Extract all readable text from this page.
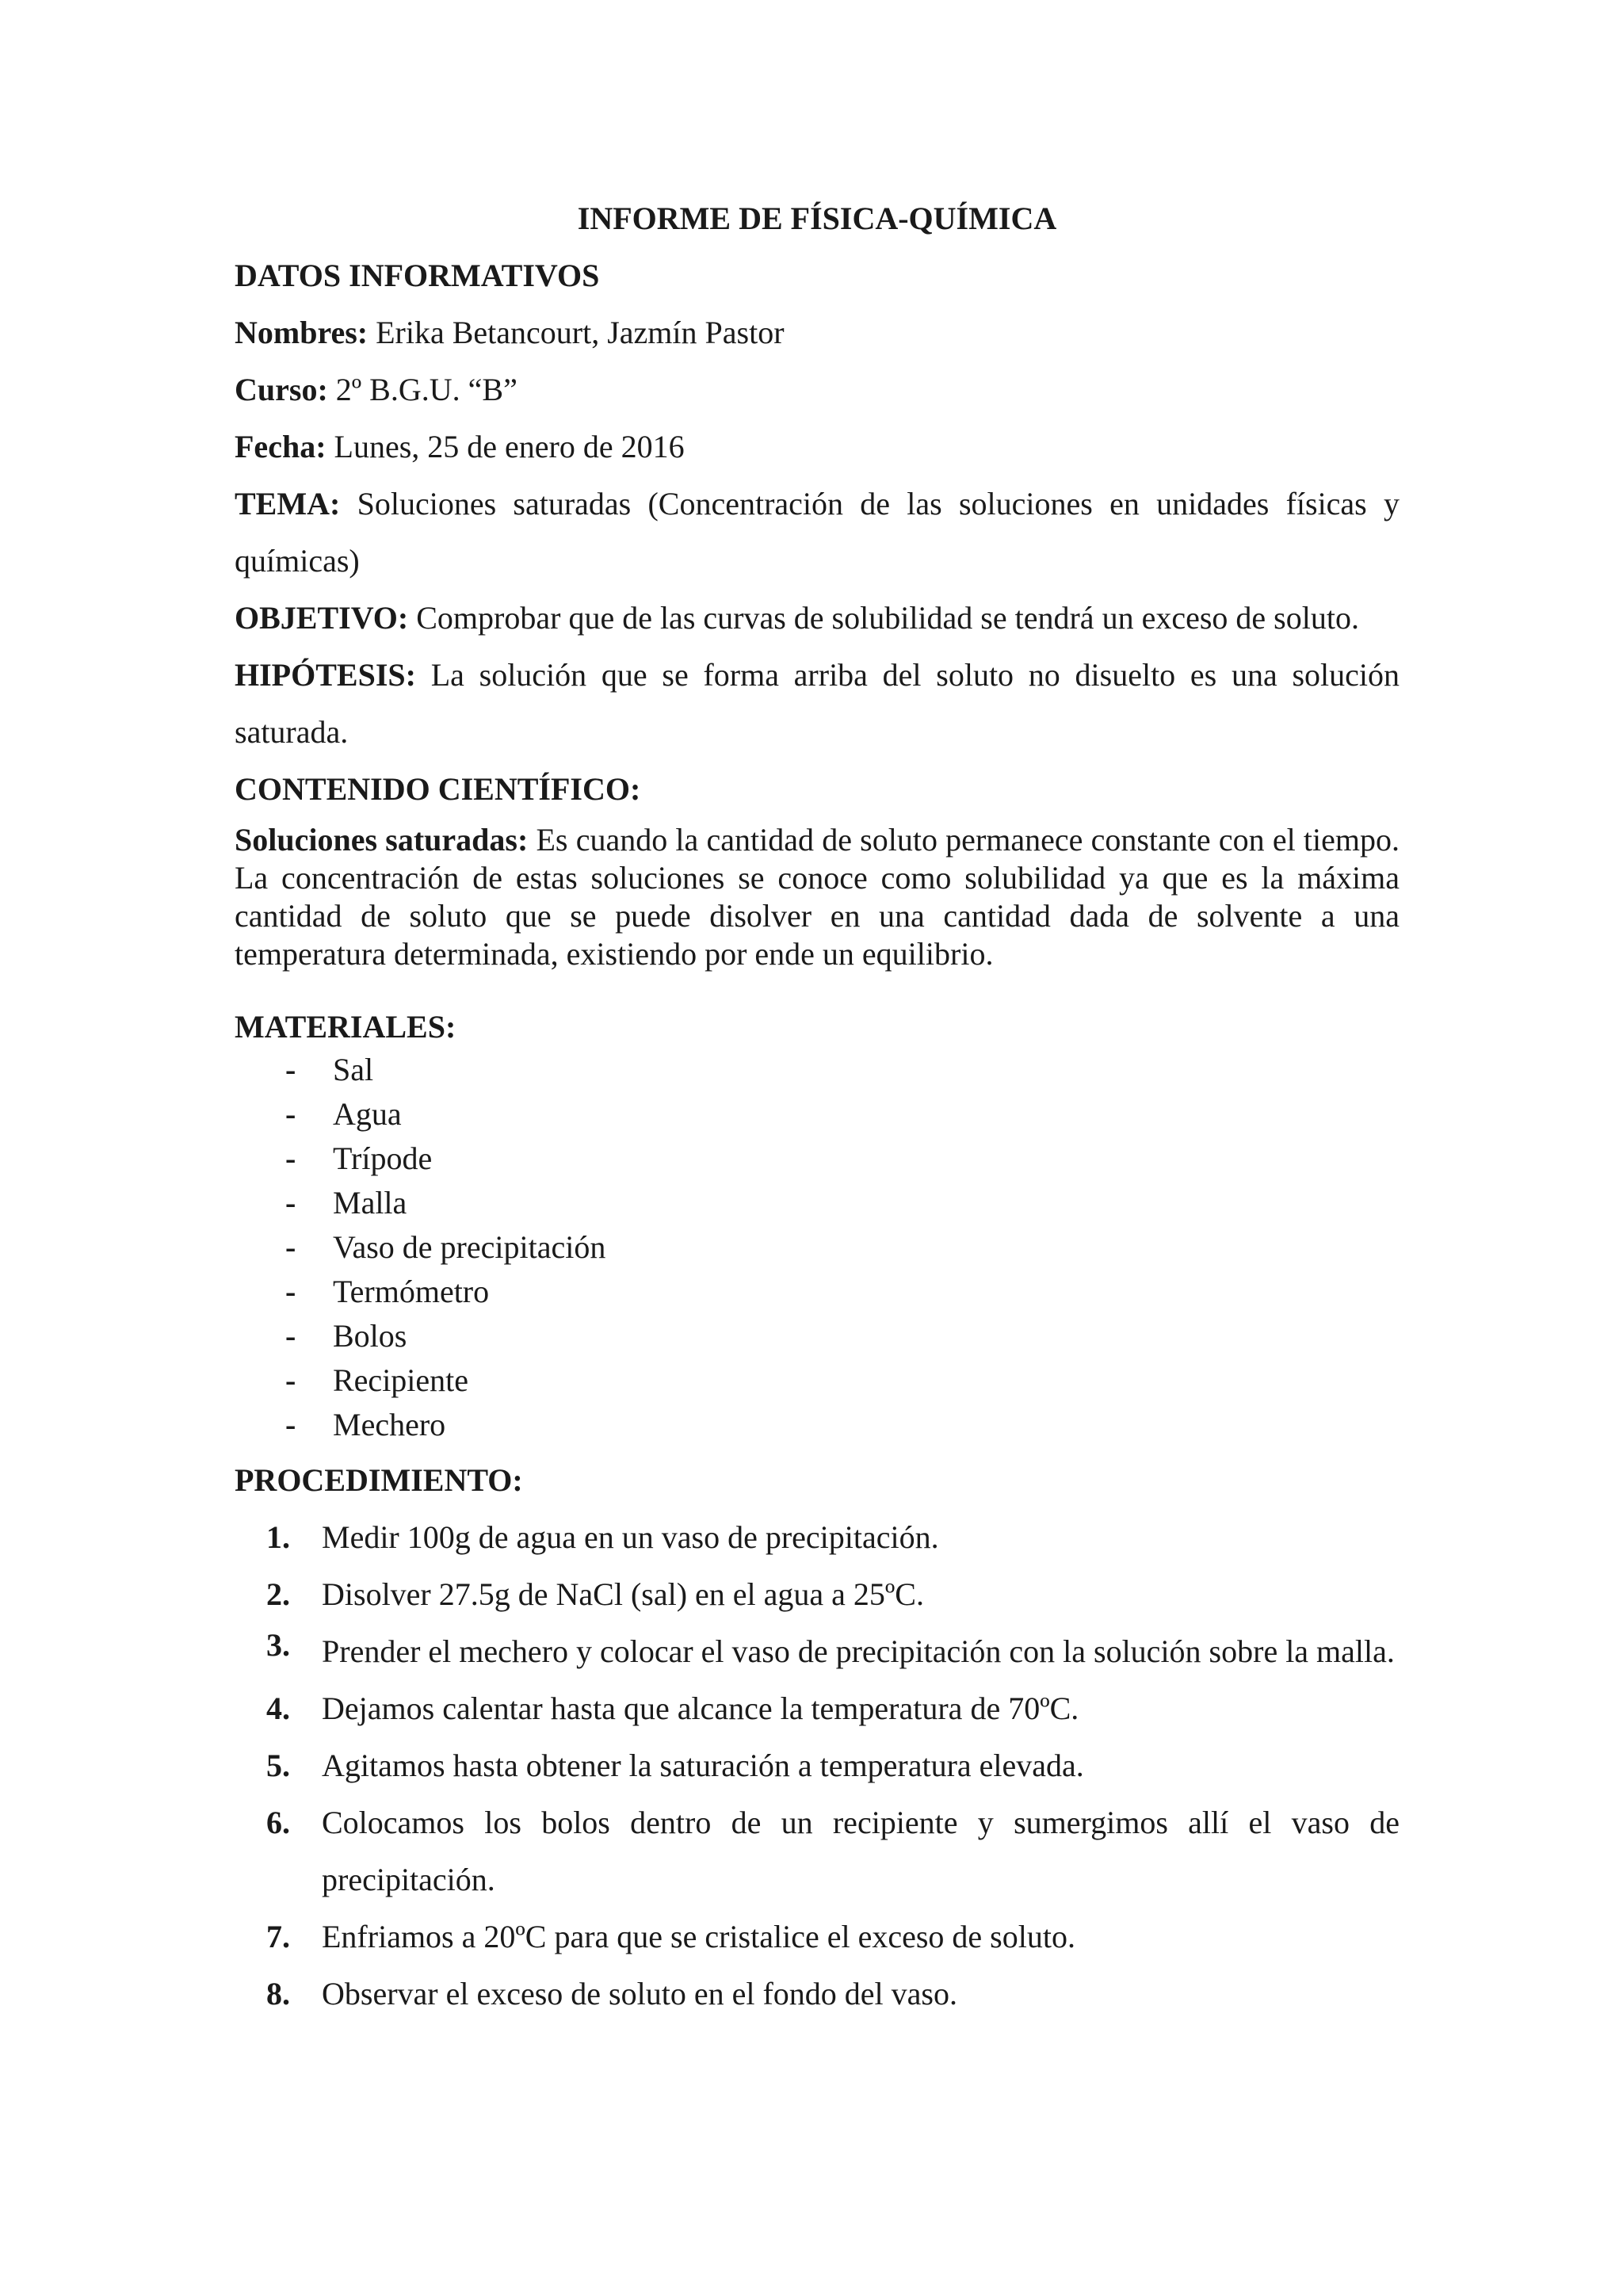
INFORME DE FÍSICA-QUÍMICA

DATOS INFORMATIVOS

Nombres: Erika Betancourt, Jazmín Pastor

Curso: 2º B.G.U. “B”

Fecha: Lunes, 25 de enero de 2016

TEMA: Soluciones saturadas (Concentración de las soluciones en unidades físicas y químicas)

OBJETIVO: Comprobar que de las curvas de solubilidad se tendrá un exceso de soluto.

HIPÓTESIS: La solución que se forma arriba del soluto no disuelto es una solución saturada.

CONTENIDO CIENTÍFICO:

Soluciones saturadas: Es cuando la cantidad de soluto permanece constante con el tiempo. La concentración de estas soluciones se conoce como solubilidad ya que es la máxima cantidad de soluto que se puede disolver en una cantidad dada de solvente a una temperatura determinada, existiendo por ende un equilibrio.

MATERIALES:

- Sal
- Agua
- Trípode
- Malla
- Vaso de precipitación
- Termómetro
- Bolos
- Recipiente
- Mechero

PROCEDIMIENTO:

1. Medir 100g de agua en un vaso de precipitación.
2. Disolver 27.5g de NaCl (sal) en el agua a 25ºC.
3. Prender el mechero y colocar el vaso de precipitación con la solución sobre la malla.
4. Dejamos calentar hasta que alcance la temperatura de 70ºC.
5. Agitamos hasta obtener la saturación a temperatura elevada.
6. Colocamos los bolos dentro de un recipiente y sumergimos allí el vaso de precipitación.
7. Enfriamos a 20ºC para que se cristalice el exceso de soluto.
8. Observar el exceso de soluto en el fondo del vaso.
